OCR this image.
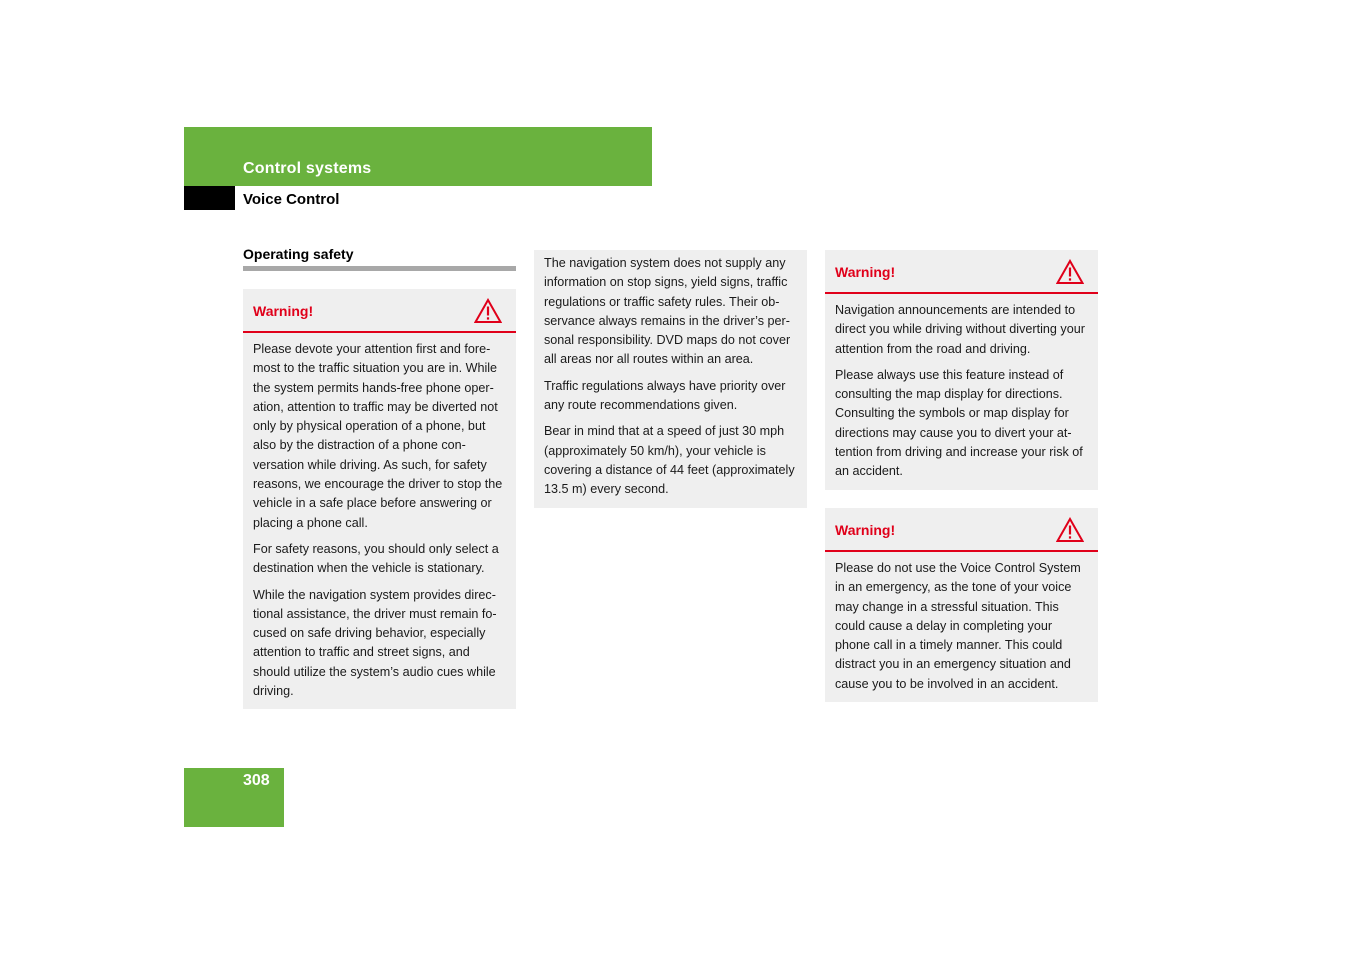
Control systems
Voice Control
Operating safety
Warning!

Please devote your attention first and fore-most to the traffic situation you are in. While the system permits hands-free phone oper-ation, attention to traffic may be diverted not only by physical operation of a phone, but also by the distraction of a phone con-versation while driving. As such, for safety reasons, we encourage the driver to stop the vehicle in a safe place before answering or placing a phone call.

For safety reasons, you should only select a destination when the vehicle is stationary.

While the navigation system provides direc-tional assistance, the driver must remain fo-cused on safe driving behavior, especially attention to traffic and street signs, and should utilize the system’s audio cues while driving.

The navigation system does not supply any information on stop signs, yield signs, traffic regulations or traffic safety rules. Their ob-servance always remains in the driver’s per-sonal responsibility. DVD maps do not cover all areas nor all routes within an area.

Traffic regulations always have priority over any route recommendations given.

Bear in mind that at a speed of just 30 mph (approximately 50 km/h), your vehicle is covering a distance of 44 feet (approximately 13.5 m) every second.

Warning!

Navigation announcements are intended to direct you while driving without diverting your attention from the road and driving.

Please always use this feature instead of consulting the map display for directions. Consulting the symbols or map display for directions may cause you to divert your at-tention from driving and increase your risk of an accident.

Warning!

Please do not use the Voice Control System in an emergency, as the tone of your voice may change in a stressful situation. This could cause a delay in completing your phone call in a timely manner. This could distract you in an emergency situation and cause you to be involved in an accident.

308
